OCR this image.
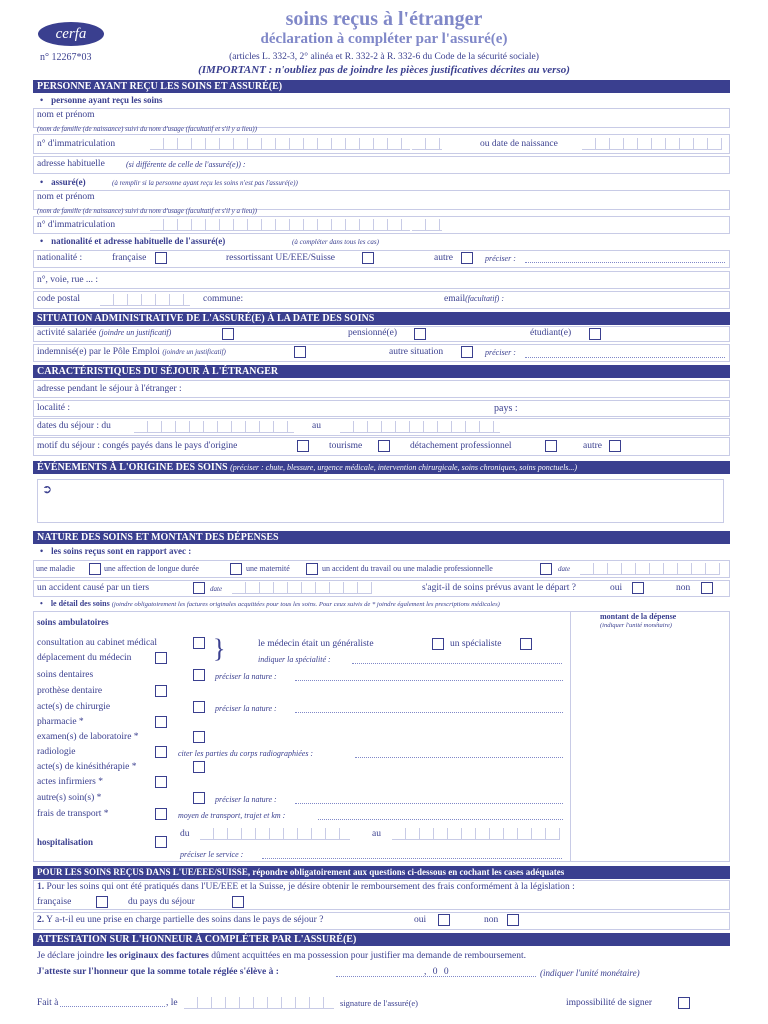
cerfa
n° 12267*03
soins reçus à l'étranger
déclaration à compléter par l'assuré(e)
(articles L. 332-3, 2° alinéa et R. 332-2 à R. 332-6 du Code de la sécurité sociale)
(IMPORTANT : n'oubliez pas de joindre les pièces justificatives décrites au verso)
PERSONNE AYANT REÇU LES SOINS ET ASSURÉ(E)
• personne ayant reçu les soins
nom et prénom
(nom de famille (de naissance) suivi du nom d'usage (facultatif et s'il y a lieu))
n° d'immatriculation	ou date de naissance
adresse habituelle	(si différente de celle de l'assuré(e)) :
• assuré(e)	(à remplir si la personne ayant reçu les soins n'est pas l'assuré(e))
nom et prénom
(nom de famille (de naissance) suivi du nom d'usage (facultatif et s'il y a lieu))
n° d'immatriculation
• nationalité et adresse habituelle de l'assuré(e)	(à compléter dans tous les cas)
nationalité :	française	ressortissant UE/EEE/Suisse	autre	préciser :
n°, voie, rue ... :
code postal	commune:	email(facultatif) :
SITUATION ADMINISTRATIVE DE L'ASSURÉ(E) À LA DATE DES SOINS
activité salariée (joindre un justificatif)	pensionné(e)	étudiant(e)
indemnisé(e) par le Pôle Emploi (joindre un justificatif)	autre situation	préciser :
CARACTÉRISTIQUES DU SÉJOUR À L'ÉTRANGER
adresse pendant le séjour à l'étranger :
localité :	pays :
dates du séjour : du	au
motif du séjour : congés payés dans le pays d'origine	tourisme	détachement professionnel	autre
ÉVÉNEMENTS À L'ORIGINE DES SOINS (préciser : chute, blessure, urgence médicale, intervention chirurgicale, soins chroniques, soins ponctuels...)
➲
NATURE DES SOINS ET MONTANT DES DÉPENSES
• les soins reçus sont en rapport avec :
une maladie	une affection de longue durée	une maternité	un accident du travail ou une maladie professionnelle	date
un accident causé par un tiers	date	s'agit-il de soins prévus avant le départ ?	oui	non
• le détail des soins (joindre obligatoirement les factures originales acquittées pour tous les soins. Pour ceux suivis de * joindre également les prescriptions médicales)
soins ambulatoires
montant de la dépense
(indiquer l'unité monétaire)
consultation au cabinet médical }	le médecin était un généraliste	un spécialiste
déplacement du médecin	indiquer la spécialité :
soins dentaires	préciser la nature :
prothèse dentaire
acte(s) de chirurgie	préciser la nature :
pharmacie *
examen(s) de laboratoire *
radiologie	citer les parties du corps radiographiées :
acte(s) de kinésithérapie *
actes infirmiers *
autre(s) soin(s) *	préciser la nature :
frais de transport *	moyen de transport, trajet et km :
hospitalisation
du	au
préciser le service :
POUR LES SOINS REÇUS DANS L'UE/EEE/SUISSE, répondre obligatoirement aux questions ci-dessous en cochant les cases adéquates
1. Pour les soins qui ont été pratiqués dans l'UE/EEE et la Suisse, je désire obtenir le remboursement des frais conformément à la législation :
française	du pays du séjour
2. Y a-t-il eu une prise en charge partielle des soins dans le pays de séjour ?	oui	non
ATTESTATION SUR L'HONNEUR À COMPLÉTER PAR L'ASSURÉ(E)
Je déclare joindre les originaux des factures dûment acquittées en ma possession pour justifier ma demande de remboursement.
J'atteste sur l'honneur que la somme totale réglée s'élève à :	, 0 0	(indiquer l'unité monétaire)
Fait à	, le	signature de l'assuré(e)	impossibilité de signer
